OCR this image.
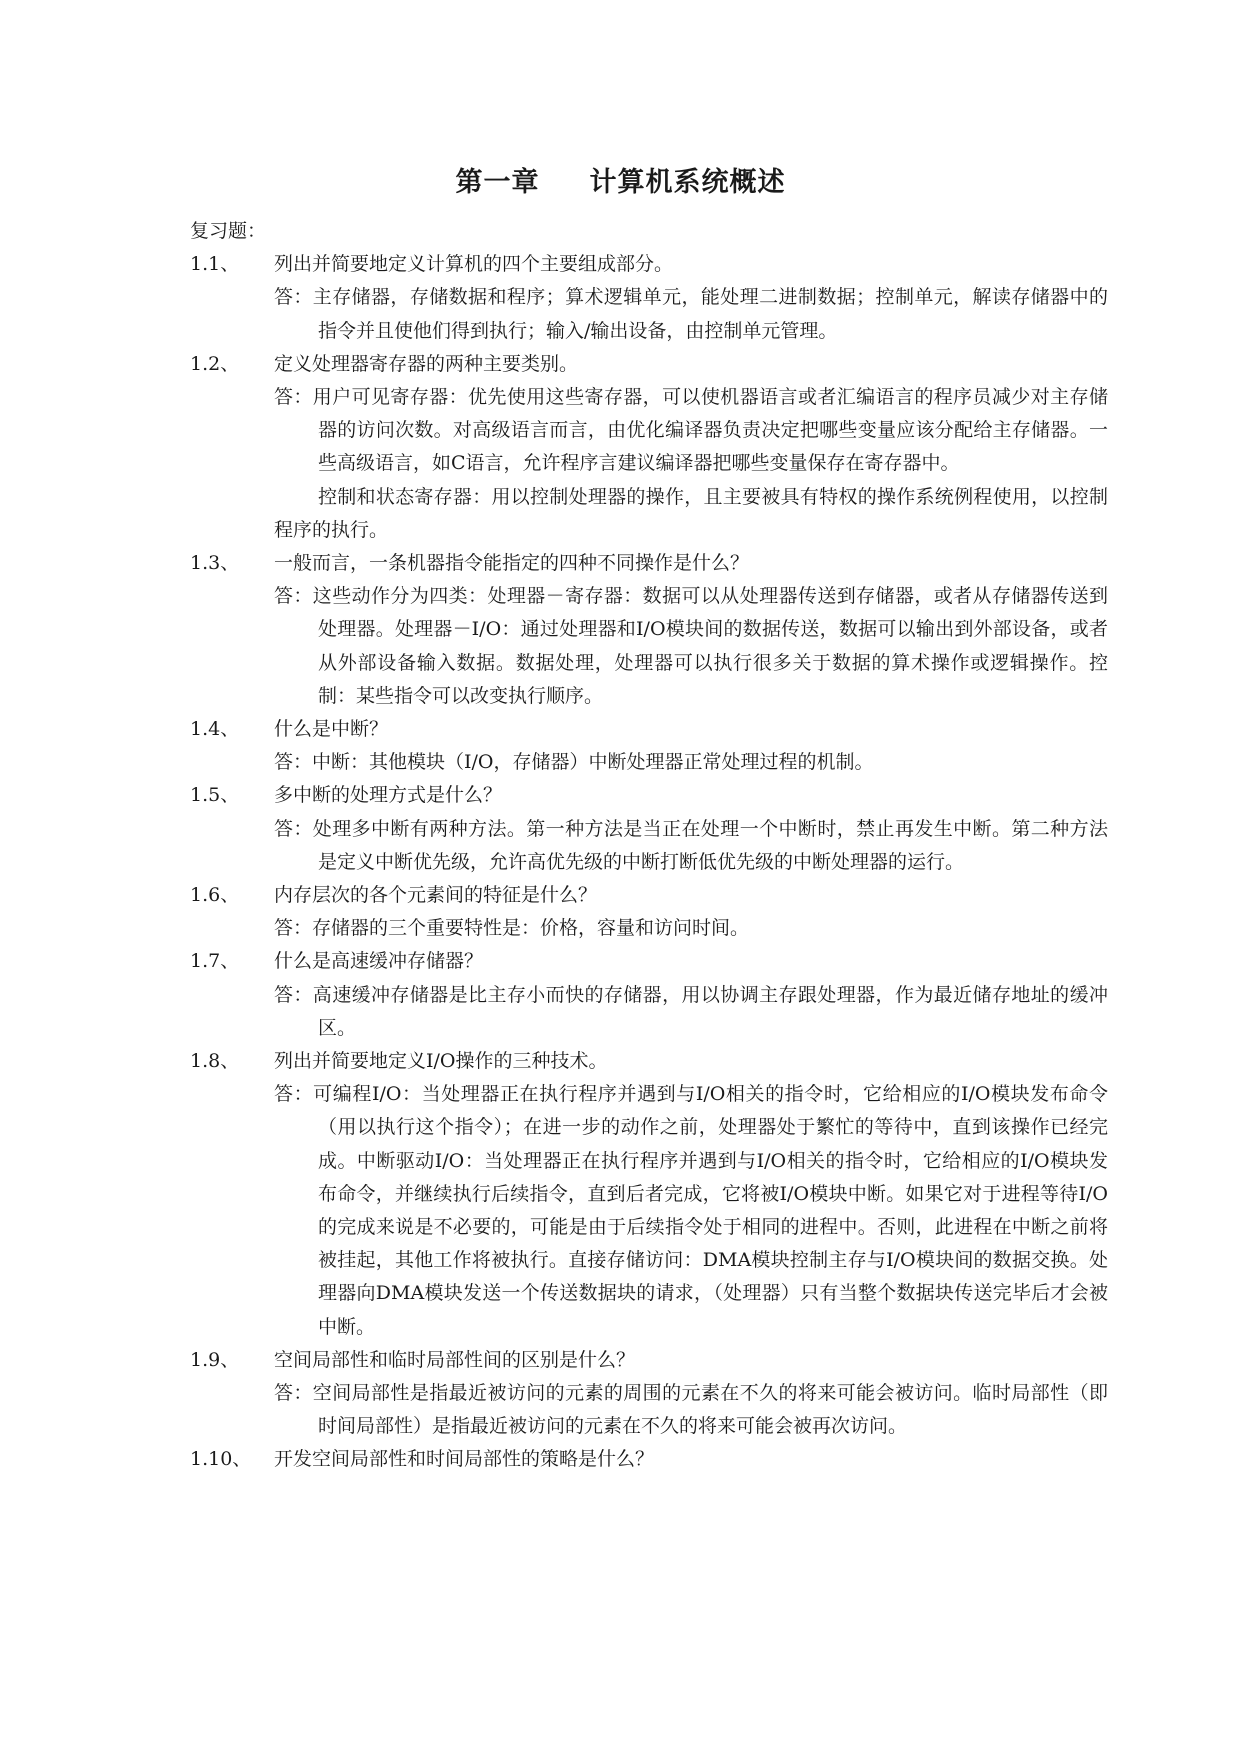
第一章 计算机系统概述
复习题：
1.1、 列出并简要地定义计算机的四个主要组成部分。

答：主存储器，存储数据和程序；算术逻辑单元，能处理二进制数据；控制单元，解读存储器中的指令并且使他们得到执行；输入/输出设备，由控制单元管理。

1.2、 定义处理器寄存器的两种主要类别。

答：用户可见寄存器：优先使用这些寄存器，可以使机器语言或者汇编语言的程序员减少对主存储器的访问次数。对高级语言而言，由优化编译器负责决定把哪些变量应该分配给主存储器。一些高级语言，如C语言，允许程序言建议编译器把哪些变量保存在寄存器中。

控制和状态寄存器：用以控制处理器的操作，且主要被具有特权的操作系统例程使用，以控制程序的执行。

1.3、 一般而言，一条机器指令能指定的四种不同操作是什么？

答：这些动作分为四类：处理器－寄存器：数据可以从处理器传送到存储器，或者从存储器传送到处理器。处理器－I/O：通过处理器和I/O模块间的数据传送，数据可以输出到外部设备，或者从外部设备输入数据。数据处理，处理器可以执行很多关于数据的算术操作或逻辑操作。控制：某些指令可以改变执行顺序。

1.4、 什么是中断？

答：中断：其他模块（I/O，存储器）中断处理器正常处理过程的机制。

1.5、 多中断的处理方式是什么？

答：处理多中断有两种方法。第一种方法是当正在处理一个中断时，禁止再发生中断。第二种方法是定义中断优先级，允许高优先级的中断打断低优先级的中断处理器的运行。

1.6、 内存层次的各个元素间的特征是什么？

答：存储器的三个重要特性是：价格，容量和访问时间。

1.7、 什么是高速缓冲存储器？

答：高速缓冲存储器是比主存小而快的存储器，用以协调主存跟处理器，作为最近储存地址的缓冲区。

1.8、 列出并简要地定义I/O操作的三种技术。

答：可编程I/O：当处理器正在执行程序并遇到与I/O相关的指令时，它给相应的I/O模块发布命令（用以执行这个指令）；在进一步的动作之前，处理器处于繁忙的等待中，直到该操作已经完成。中断驱动I/O：当处理器正在执行程序并遇到与I/O相关的指令时，它给相应的I/O模块发布命令，并继续执行后续指令，直到后者完成，它将被I/O模块中断。如果它对于进程等待I/O的完成来说是不必要的，可能是由于后续指令处于相同的进程中。否则，此进程在中断之前将被挂起，其他工作将被执行。直接存储访问：DMA模块控制主存与I/O模块间的数据交换。处理器向DMA模块发送一个传送数据块的请求，（处理器）只有当整个数据块传送完毕后才会被中断。

1.9、 空间局部性和临时局部性间的区别是什么？

答：空间局部性是指最近被访问的元素的周围的元素在不久的将来可能会被访问。临时局部性（即时间局部性）是指最近被访问的元素在不久的将来可能会被再次访问。

1.10、 开发空间局部性和时间局部性的策略是什么？
